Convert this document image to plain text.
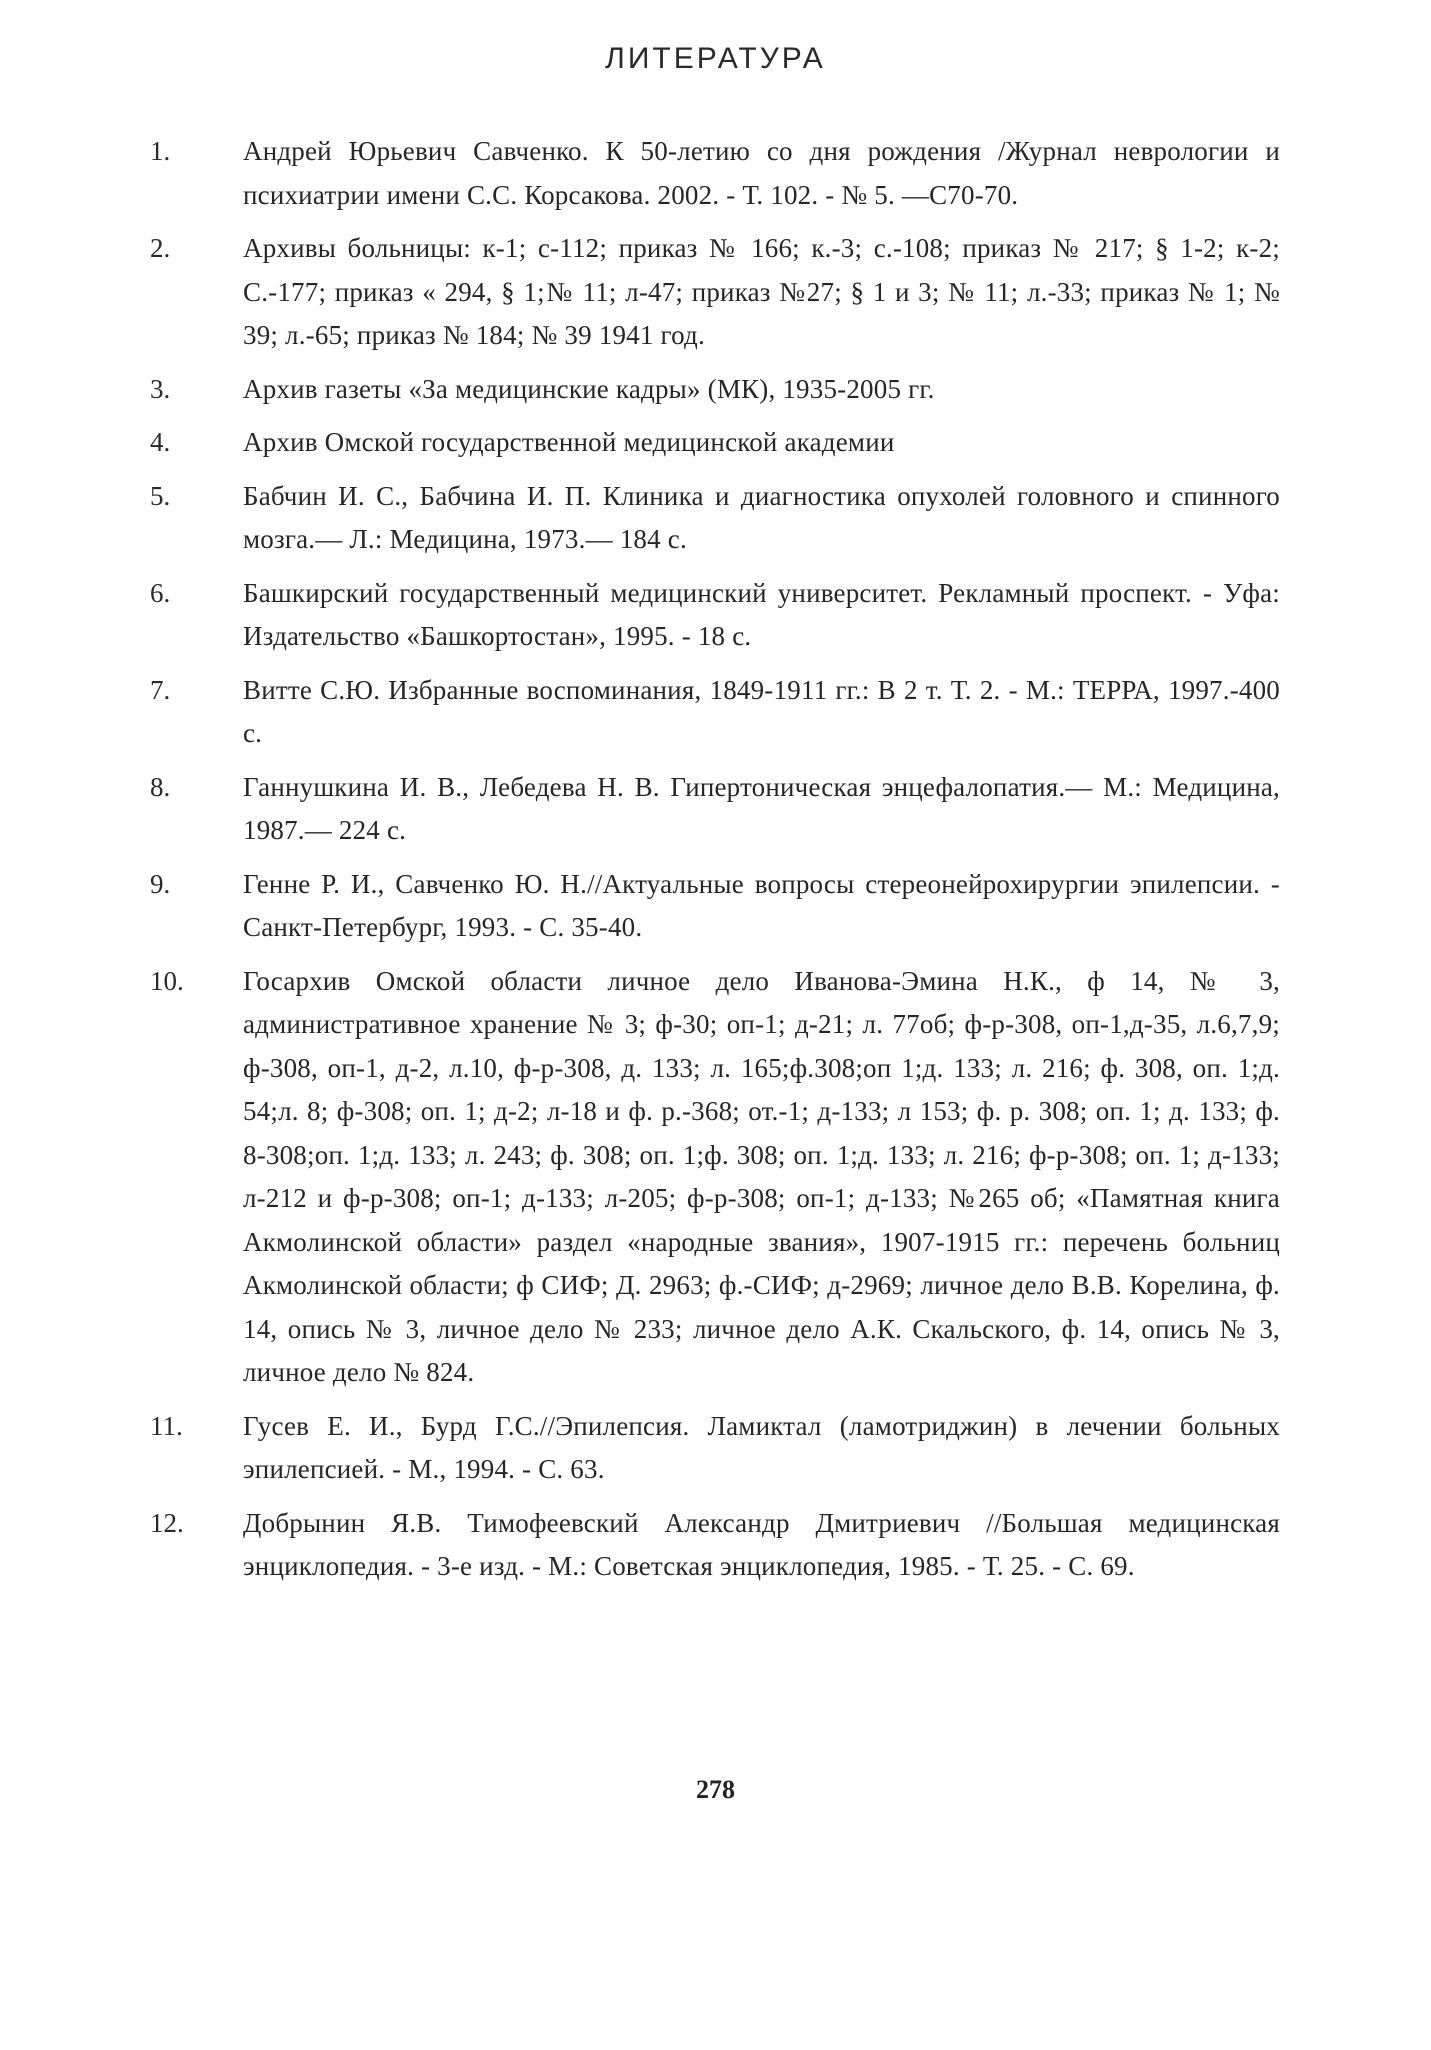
ЛИТЕРАТУРА
1.	Андрей Юрьевич Савченко. К 50-летию со дня рождения /Журнал неврологии и психиатрии имени С.С. Корсакова. 2002. - Т. 102. - № 5. —С70-70.
2.	Архивы больницы: к-1; с-112; приказ № 166; к.-3; с.-108; приказ № 217; § 1-2; к-2; С.-177; приказ « 294, § 1;№ 11; л-47; приказ №27; § 1 и 3; № 11; л.-33; приказ № 1; № 39; л.-65; приказ № 184; № 39 1941 год.
3.	Архив газеты «За медицинские кадры» (МК), 1935-2005 гг.
4.	Архив Омской государственной медицинской академии
5.	Бабчин И. С., Бабчина И. П. Клиника и диагностика опухолей головного и спинного мозга.— Л.: Медицина, 1973.— 184 с.
6.	Башкирский государственный медицинский университет. Рекламный проспект. - Уфа: Издательство «Башкортостан», 1995. - 18 с.
7.	Витте С.Ю. Избранные воспоминания, 1849-1911 гг.: В 2 т. Т. 2. - М.: ТЕРРА, 1997.-400 с.
8.	Ганнушкина И. В., Лебедева Н. В. Гипертоническая энцефалопатия.— М.: Медицина, 1987.— 224 с.
9.	Генне Р. И., Савченко Ю. Н.//Актуальные вопросы стереонейрохирургии эпилепсии. - Санкт-Петербург, 1993. - С. 35-40.
10.	Госархив Омской области личное дело Иванова-Эмина Н.К., ф 14, № 3, административное хранение № 3; ф-30; оп-1; д-21; л. 77об; ф-р-308, оп-1,д-35, л.6,7,9; ф-308, оп-1, д-2, л.10, ф-р-308, д. 133; л. 165;ф.308;оп 1;д. 133; л. 216; ф. 308, оп. 1;д. 54;л. 8; ф-308; оп. 1; д-2; л-18 и ф. р.-368; от.-1; д-133; л 153; ф. р. 308; оп. 1; д. 133; ф. 8-308;оп. 1;д. 133; л. 243; ф. 308; оп. 1;ф. 308; оп. 1;д. 133; л. 216; ф-р-308; оп. 1; д-133; л-212 и ф-р-308; оп-1; д-133; л-205; ф-р-308; оп-1; д-133; №265 об; «Памятная книга Акмолинской области» раздел «народные звания», 1907-1915 гг.: перечень больниц Акмолинской области; ф СИФ; Д. 2963; ф.-СИФ; д-2969; личное дело В.В. Корелина, ф. 14, опись № 3, личное дело № 233; личное дело А.К. Скальского, ф. 14, опись № 3, личное дело № 824.
11.	Гусев Е. И., Бурд Г.С.//Эпилепсия. Ламиктал (ламотриджин) в лечении больных эпилепсией. - М., 1994. - С. 63.
12.	Добрынин Я.В. Тимофеевский Александр Дмитриевич //Большая медицинская энциклопедия. - 3-е изд. - М.: Советская энциклопедия, 1985. - Т. 25. - С. 69.
278
